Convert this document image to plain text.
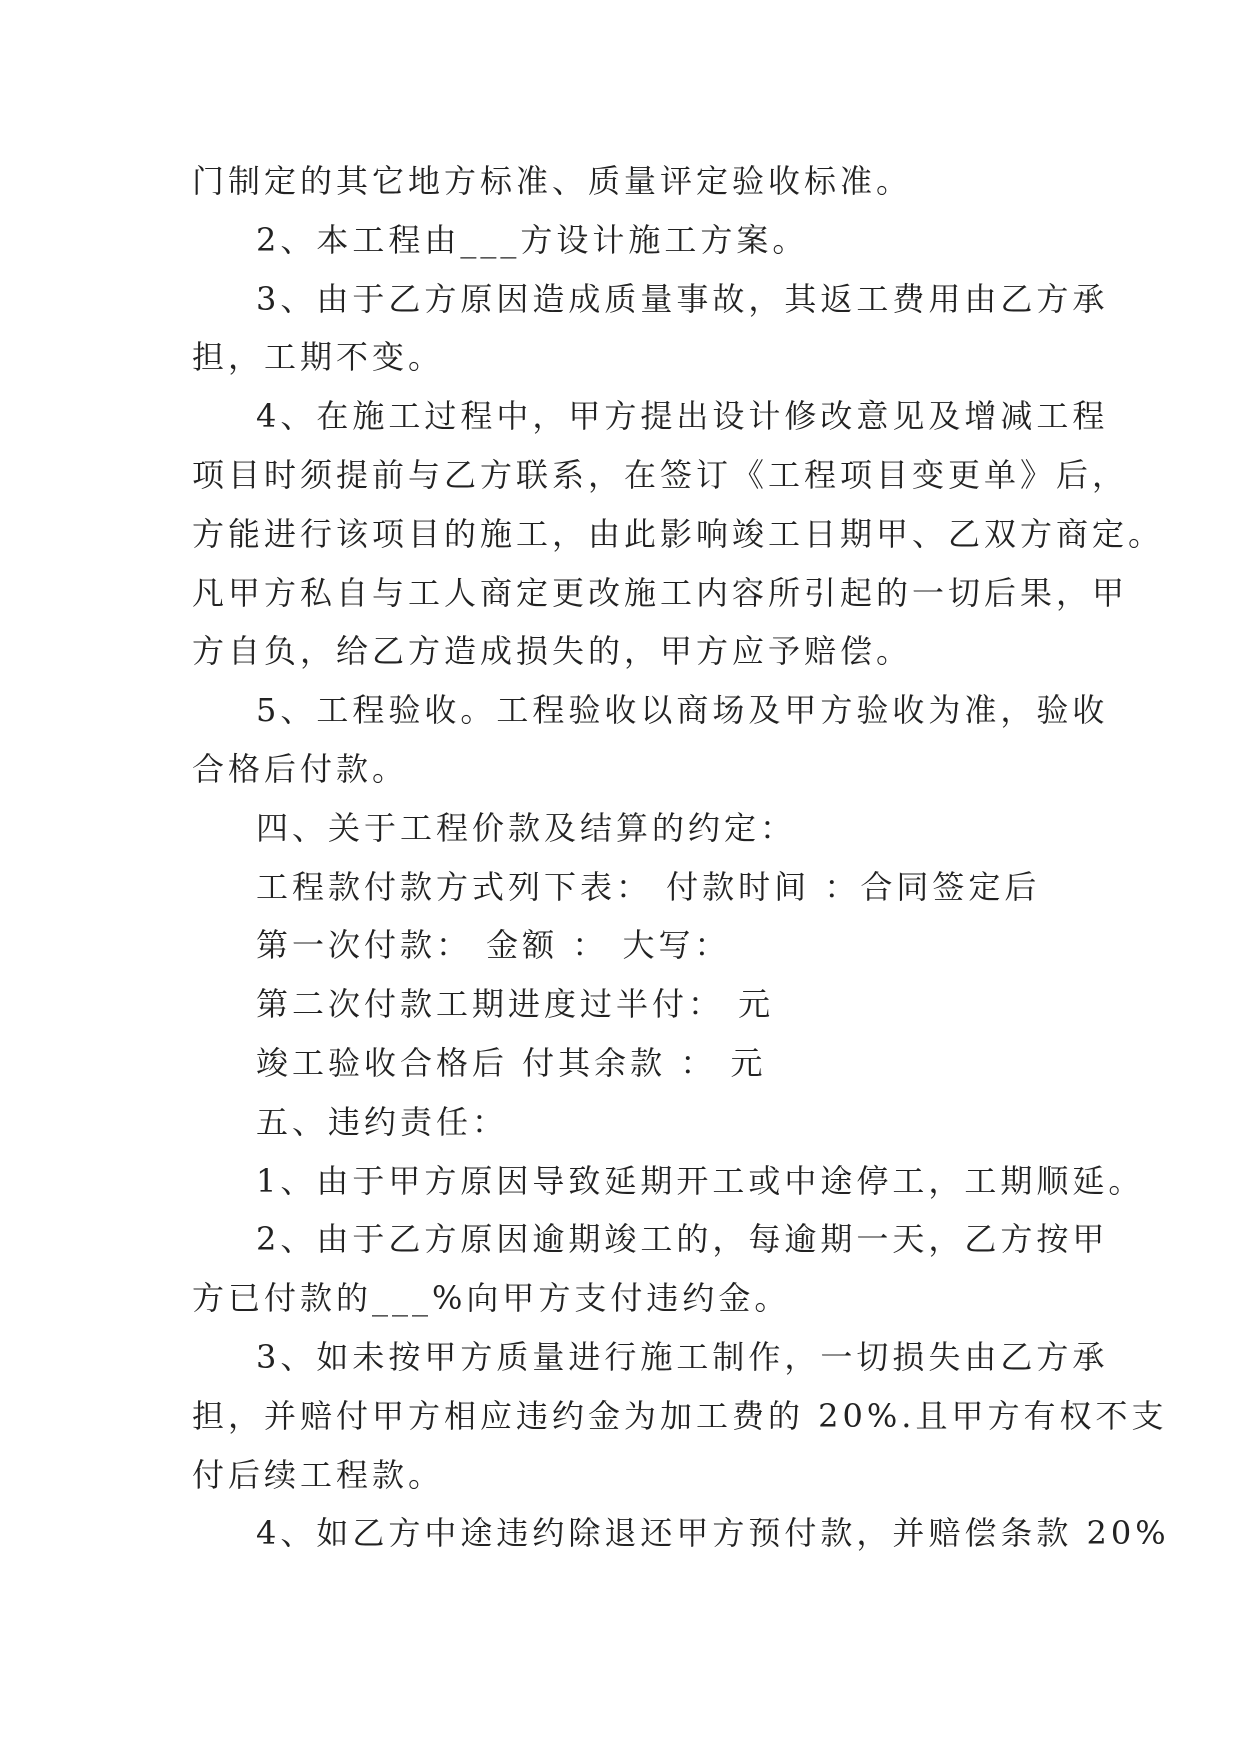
门制定的其它地方标准、质量评定验收标准。
2、本工程由___方设计施工方案。
3、由于乙方原因造成质量事故，其返工费用由乙方承
担，工期不变。
4、在施工过程中，甲方提出设计修改意见及增减工程
项目时须提前与乙方联系，在签订《工程项目变更单》后，
方能进行该项目的施工，由此影响竣工日期甲、乙双方商定。
凡甲方私自与工人商定更改施工内容所引起的一切后果，甲
方自负，给乙方造成损失的，甲方应予赔偿。
5、工程验收。工程验收以商场及甲方验收为准，验收
合格后付款。
四、关于工程价款及结算的约定：
工程款付款方式列下表： 付款时间 ：合同签定后
第一次付款： 金额 ： 大写：
第二次付款工期进度过半付： 元
竣工验收合格后 付其余款 ： 元
五、违约责任：
1、由于甲方原因导致延期开工或中途停工，工期顺延。
2、由于乙方原因逾期竣工的，每逾期一天，乙方按甲
方已付款的___%向甲方支付违约金。
3、如未按甲方质量进行施工制作，一切损失由乙方承
担，并赔付甲方相应违约金为加工费的 20%.且甲方有权不支
付后续工程款。
4、如乙方中途违约除退还甲方预付款，并赔偿条款 20%
